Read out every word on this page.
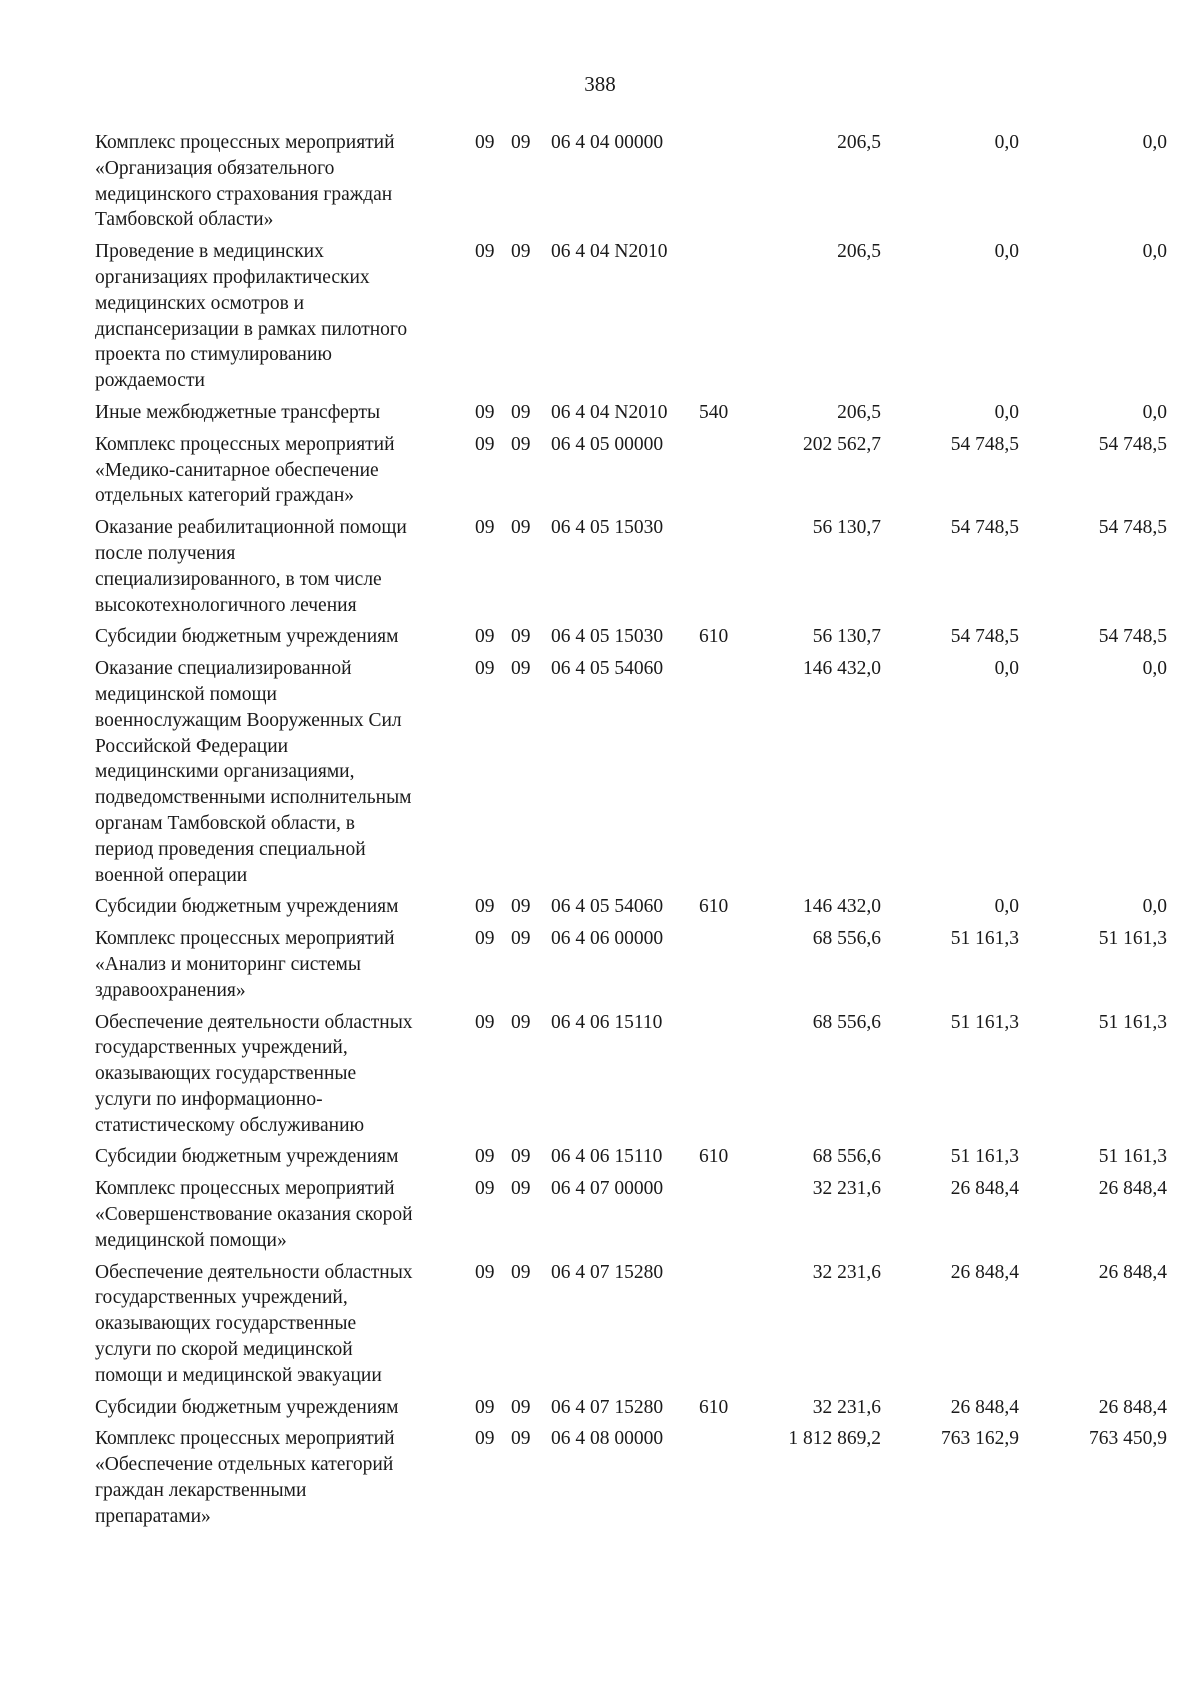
388
Комплекс процессных мероприятий
«Организация обязательного
медицинского страхования граждан
Тамбовской области»
09 09	06 4 04 00000	206,5	0,0	0,0
Проведение в медицинских
организациях профилактических
медицинских осмотров и
диспансеризации в рамках пилотного
проекта по стимулированию
рождаемости
09 09	06 4 04 N2010	206,5	0,0	0,0
Иные межбюджетные трансферты	09 09	06 4 04 N2010	540	206,5	0,0	0,0
Комплекс процессных мероприятий
«Медико-санитарное обеспечение
отдельных категорий граждан»
09 09	06 4 05 00000	202 562,7	54 748,5	54 748,5
Оказание реабилитационной помощи
после получения
специализированного, в том числе
высокотехнологичного лечения
09 09	06 4 05 15030	56 130,7	54 748,5	54 748,5
Субсидии бюджетным учреждениям	09 09	06 4 05 15030	610	56 130,7	54 748,5	54 748,5
Оказание специализированной
медицинской помощи
военнослужащим Вооруженных Сил
Российской Федерации
медицинскими организациями,
подведомственными исполнительным
органам Тамбовской области, в
период проведения специальной
военной операции
09 09	06 4 05 54060	146 432,0	0,0	0,0
Субсидии бюджетным учреждениям	09 09	06 4 05 54060	610	146 432,0	0,0	0,0
Комплекс процессных мероприятий
«Анализ и мониторинг системы
здравоохранения»
09 09	06 4 06 00000	68 556,6	51 161,3	51 161,3
Обеспечение деятельности областных
государственных учреждений,
оказывающих государственные
услуги по информационно-
статистическому обслуживанию
09 09	06 4 06 15110	68 556,6	51 161,3	51 161,3
Субсидии бюджетным учреждениям	09 09	06 4 06 15110	610	68 556,6	51 161,3	51 161,3
Комплекс процессных мероприятий
«Совершенствование оказания скорой
медицинской помощи»
09 09	06 4 07 00000	32 231,6	26 848,4	26 848,4
Обеспечение деятельности областных
государственных учреждений,
оказывающих государственные
услуги по скорой медицинской
помощи и медицинской эвакуации
09 09	06 4 07 15280	32 231,6	26 848,4	26 848,4
Субсидии бюджетным учреждениям	09 09	06 4 07 15280	610	32 231,6	26 848,4	26 848,4
Комплекс процессных мероприятий
«Обеспечение отдельных категорий
граждан лекарственными
препаратами»
09 09	06 4 08 00000	1 812 869,2	763 162,9	763 450,9
